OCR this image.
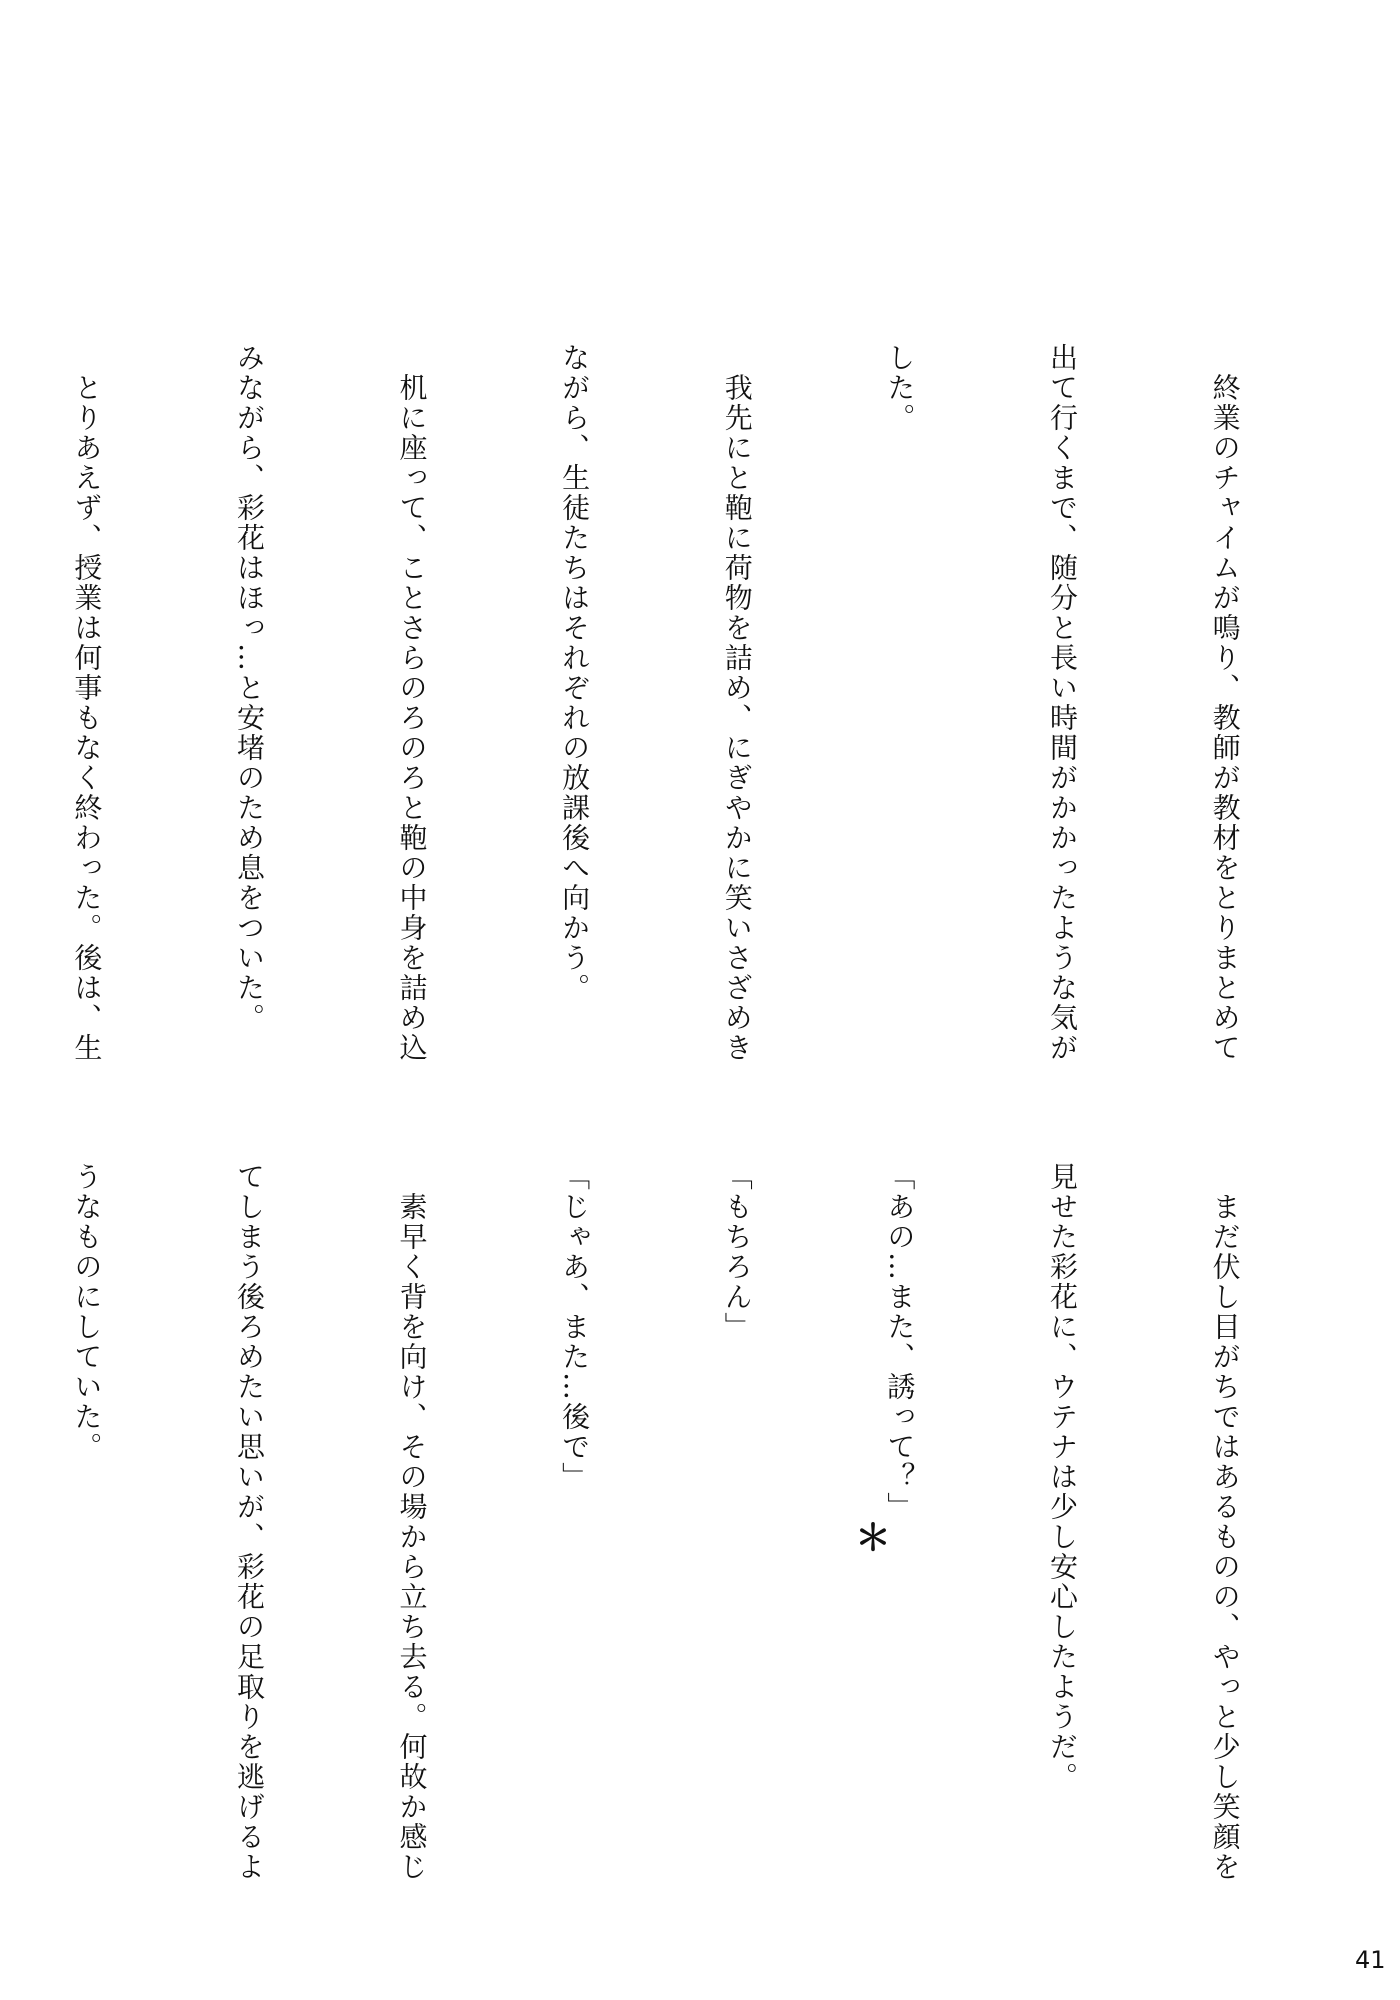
　終業のチャイムが鳴り、教師が教材をとりまとめて

出て行くまで、随分と長い時間がかかったような気が

した。

　我先にと鞄に荷物を詰め、にぎやかに笑いさざめき

ながら、生徒たちはそれぞれの放課後へ向かう。

　机に座って、ことさらのろのろと鞄の中身を詰め込

みながら、彩花はほっ…と安堵のため息をついた。

　とりあえず、授業は何事もなく終わった。後は、生

　まだ伏し目がちではあるものの、やっと少し笑顔を

見せた彩花に、ウテナは少し安心したようだ。

「あの…また、誘って？」

「もちろん」

「じゃあ、また…後で」

　素早く背を向け、その場から立ち去る。何故か感じ

てしまう後ろめたい思いが、彩花の足取りを逃げるよ

うなものにしていた。

＊
41
